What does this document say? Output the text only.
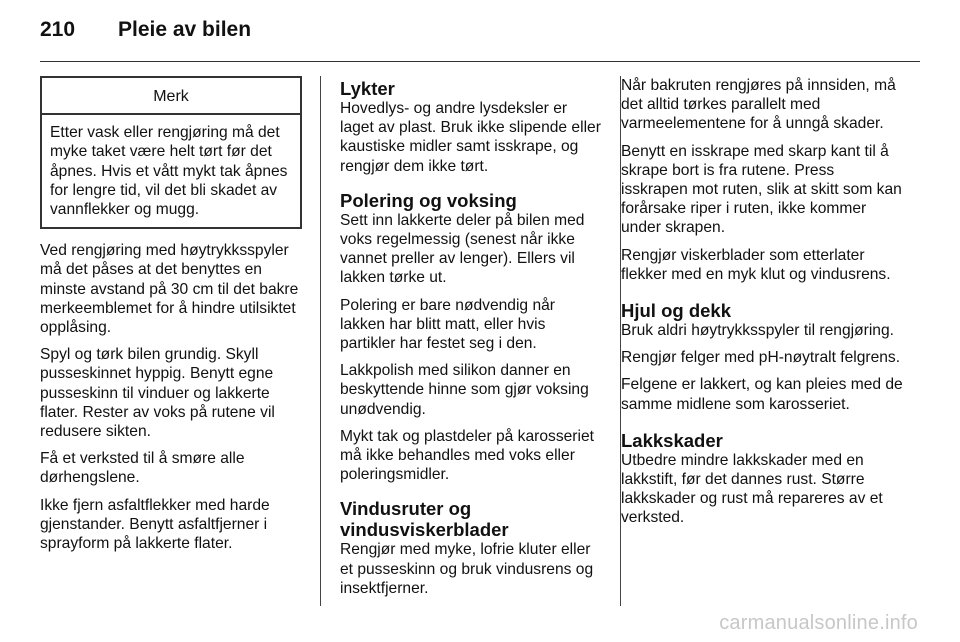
210 Pleie av bilen
Merk
Etter vask eller rengjøring må det myke taket være helt tørt før det åpnes. Hvis et vått mykt tak åpnes for lengre tid, vil det bli skadet av vannflekker og mugg.

Ved rengjøring med høytrykksspyler må det påses at det benyttes en minste avstand på 30 cm til det bakre merkeemblemet for å hindre utilsiktet opplåsing.

Spyl og tørk bilen grundig. Skyll pusseskinnet hyppig. Benytt egne pusseskinn til vinduer og lakkerte flater. Rester av voks på rutene vil redusere sikten.

Få et verksted til å smøre alle dørhengslene.

Ikke fjern asfaltflekker med harde gjenstander. Benytt asfaltfjerner i sprayform på lakkerte flater.

Lykter

Hovedlys- og andre lysdeksler er laget av plast. Bruk ikke slipende eller kaustiske midler samt isskrape, og rengjør dem ikke tørt.

Polering og voksing

Sett inn lakkerte deler på bilen med voks regelmessig (senest når ikke vannet preller av lenger). Ellers vil lakken tørke ut.

Polering er bare nødvendig når lakken har blitt matt, eller hvis partikler har festet seg i den.

Lakkpolish med silikon danner en beskyttende hinne som gjør voksing unødvendig.

Mykt tak og plastdeler på karosseriet må ikke behandles med voks eller poleringsmidler.

Vindusruter og vindusviskerblader

Rengjør med myke, lofrie kluter eller et pusseskinn og bruk vindusrens og insektfjerner.

Når bakruten rengjøres på innsiden, må det alltid tørkes parallelt med varmeelementene for å unngå skader.

Benytt en isskrape med skarp kant til å skrape bort is fra rutene. Press isskrapen mot ruten, slik at skitt som kan forårsake riper i ruten, ikke kommer under skrapen.

Rengjør viskerblader som etterlater flekker med en myk klut og vindusrens.

Hjul og dekk

Bruk aldri høytrykksspyler til rengjøring.

Rengjør felger med pH-nøytralt felgrens.

Felgene er lakkert, og kan pleies med de samme midlene som karosseriet.

Lakkskader

Utbedre mindre lakkskader med en lakkstift, før det dannes rust. Større lakkskader og rust må repareres av et verksted.

carmanualsonline.info
